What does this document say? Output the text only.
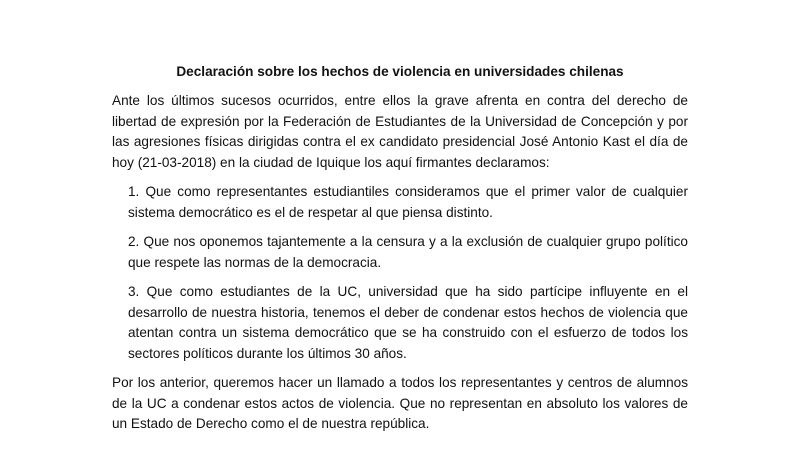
Declaración sobre los hechos de violencia en universidades chilenas

Ante los últimos sucesos ocurridos, entre ellos la grave afrenta en contra del derecho de libertad de expresión por la Federación de Estudiantes de la Universidad de Concepción y por las agresiones físicas dirigidas contra el ex candidato presidencial José Antonio Kast el día de hoy (21-03-2018) en la ciudad de Iquique los aquí firmantes declaramos:

1. Que como representantes estudiantiles consideramos que el primer valor de cualquier sistema democrático es el de respetar al que piensa distinto.

2. Que nos oponemos tajantemente a la censura y a la exclusión de cualquier grupo político que respete las normas de la democracia.

3. Que como estudiantes de la UC, universidad que ha sido partícipe influyente en el desarrollo de nuestra historia, tenemos el deber de condenar estos hechos de violencia que atentan contra un sistema democrático que se ha construido con el esfuerzo de todos los sectores políticos durante los últimos 30 años.

Por los anterior, queremos hacer un llamado a todos los representantes y centros de alumnos de la UC a condenar estos actos de violencia. Que no representan en absoluto los valores de un Estado de Derecho como el de nuestra república.
